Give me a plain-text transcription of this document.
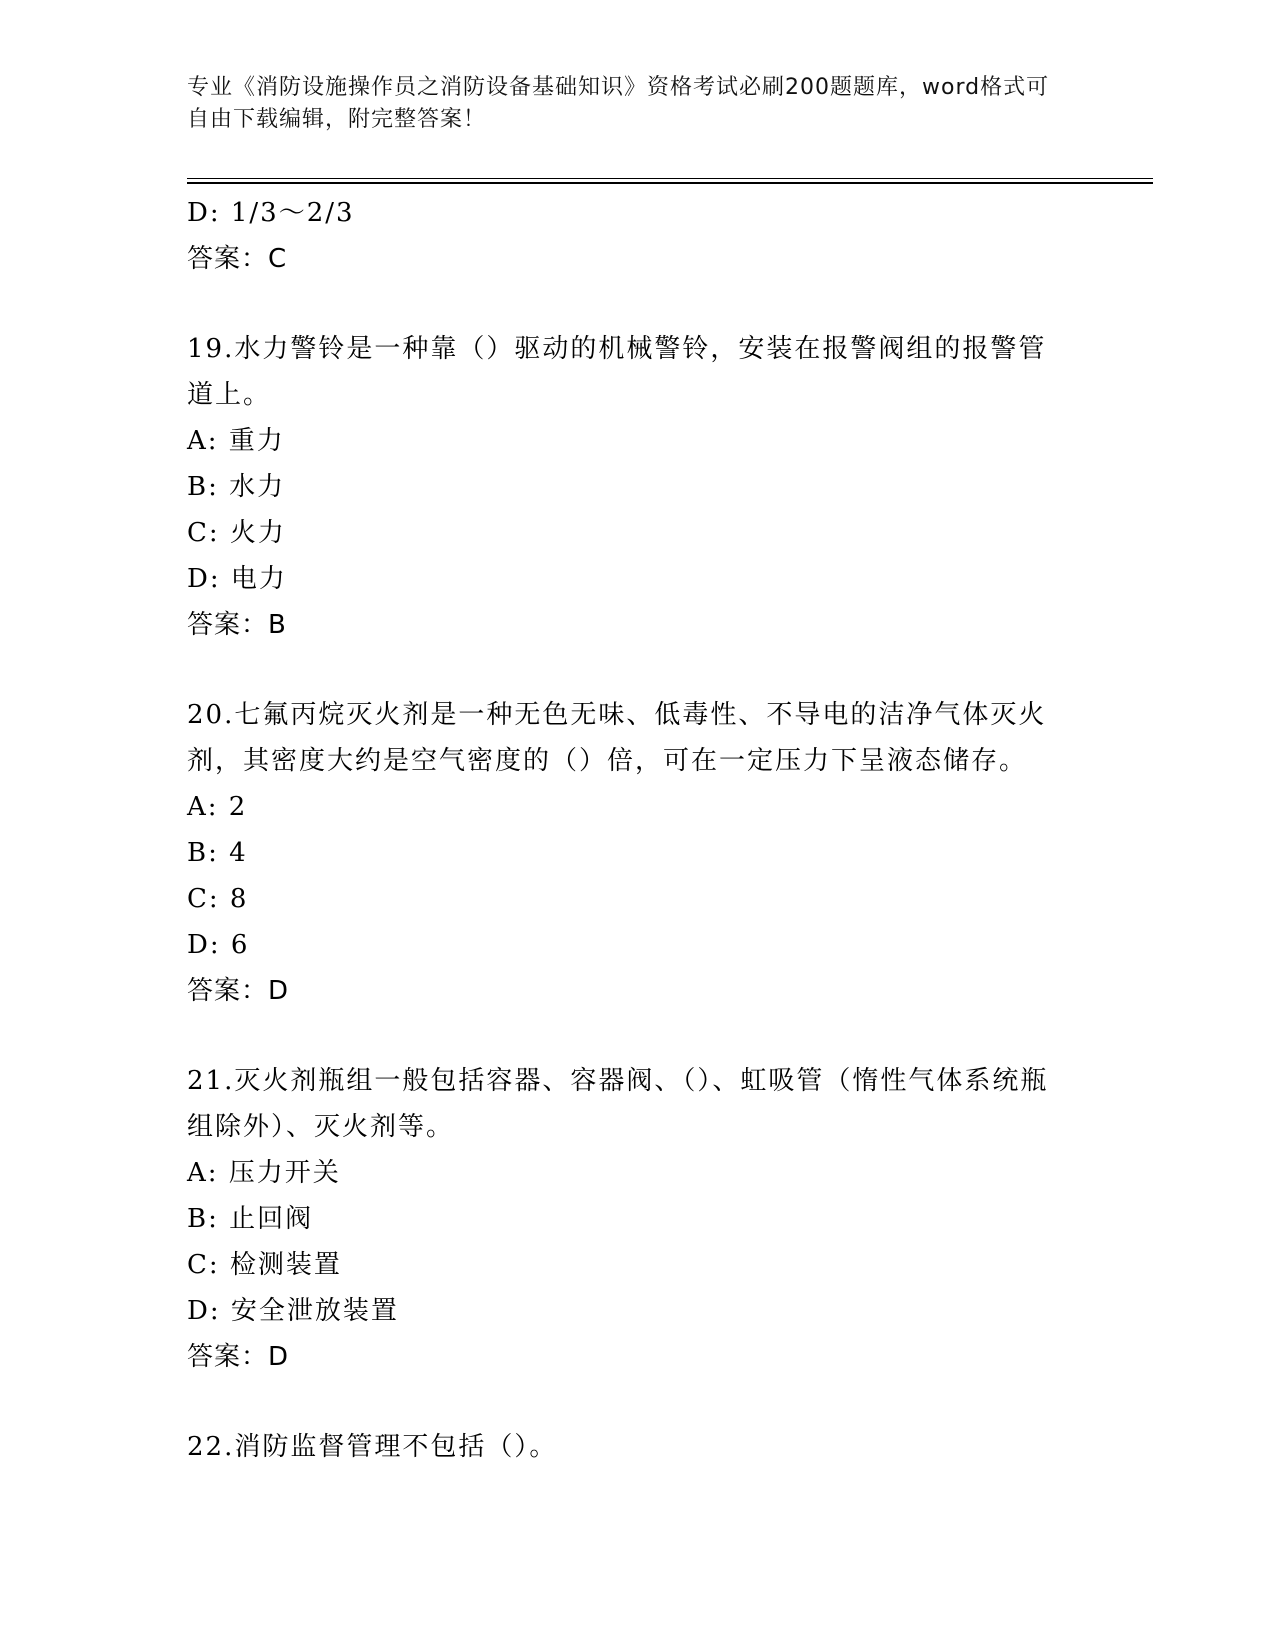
专业《消防设施操作员之消防设备基础知识》资格考试必刷200题题库，word格式可自由下载编辑，附完整答案！
D: 1/3～2/3
答案：C
19.水力警铃是一种靠（）驱动的机械警铃，安装在报警阀组的报警管道上。
A: 重力
B: 水力
C: 火力
D: 电力
答案：B
20.七氟丙烷灭火剂是一种无色无味、低毒性、不导电的洁净气体灭火剂，其密度大约是空气密度的（）倍，可在一定压力下呈液态储存。
A: 2
B: 4
C: 8
D: 6
答案：D
21.灭火剂瓶组一般包括容器、容器阀、（）、虹吸管（惰性气体系统瓶组除外）、灭火剂等。
A: 压力开关
B: 止回阀
C: 检测装置
D: 安全泄放装置
答案：D
22.消防监督管理不包括（）。
